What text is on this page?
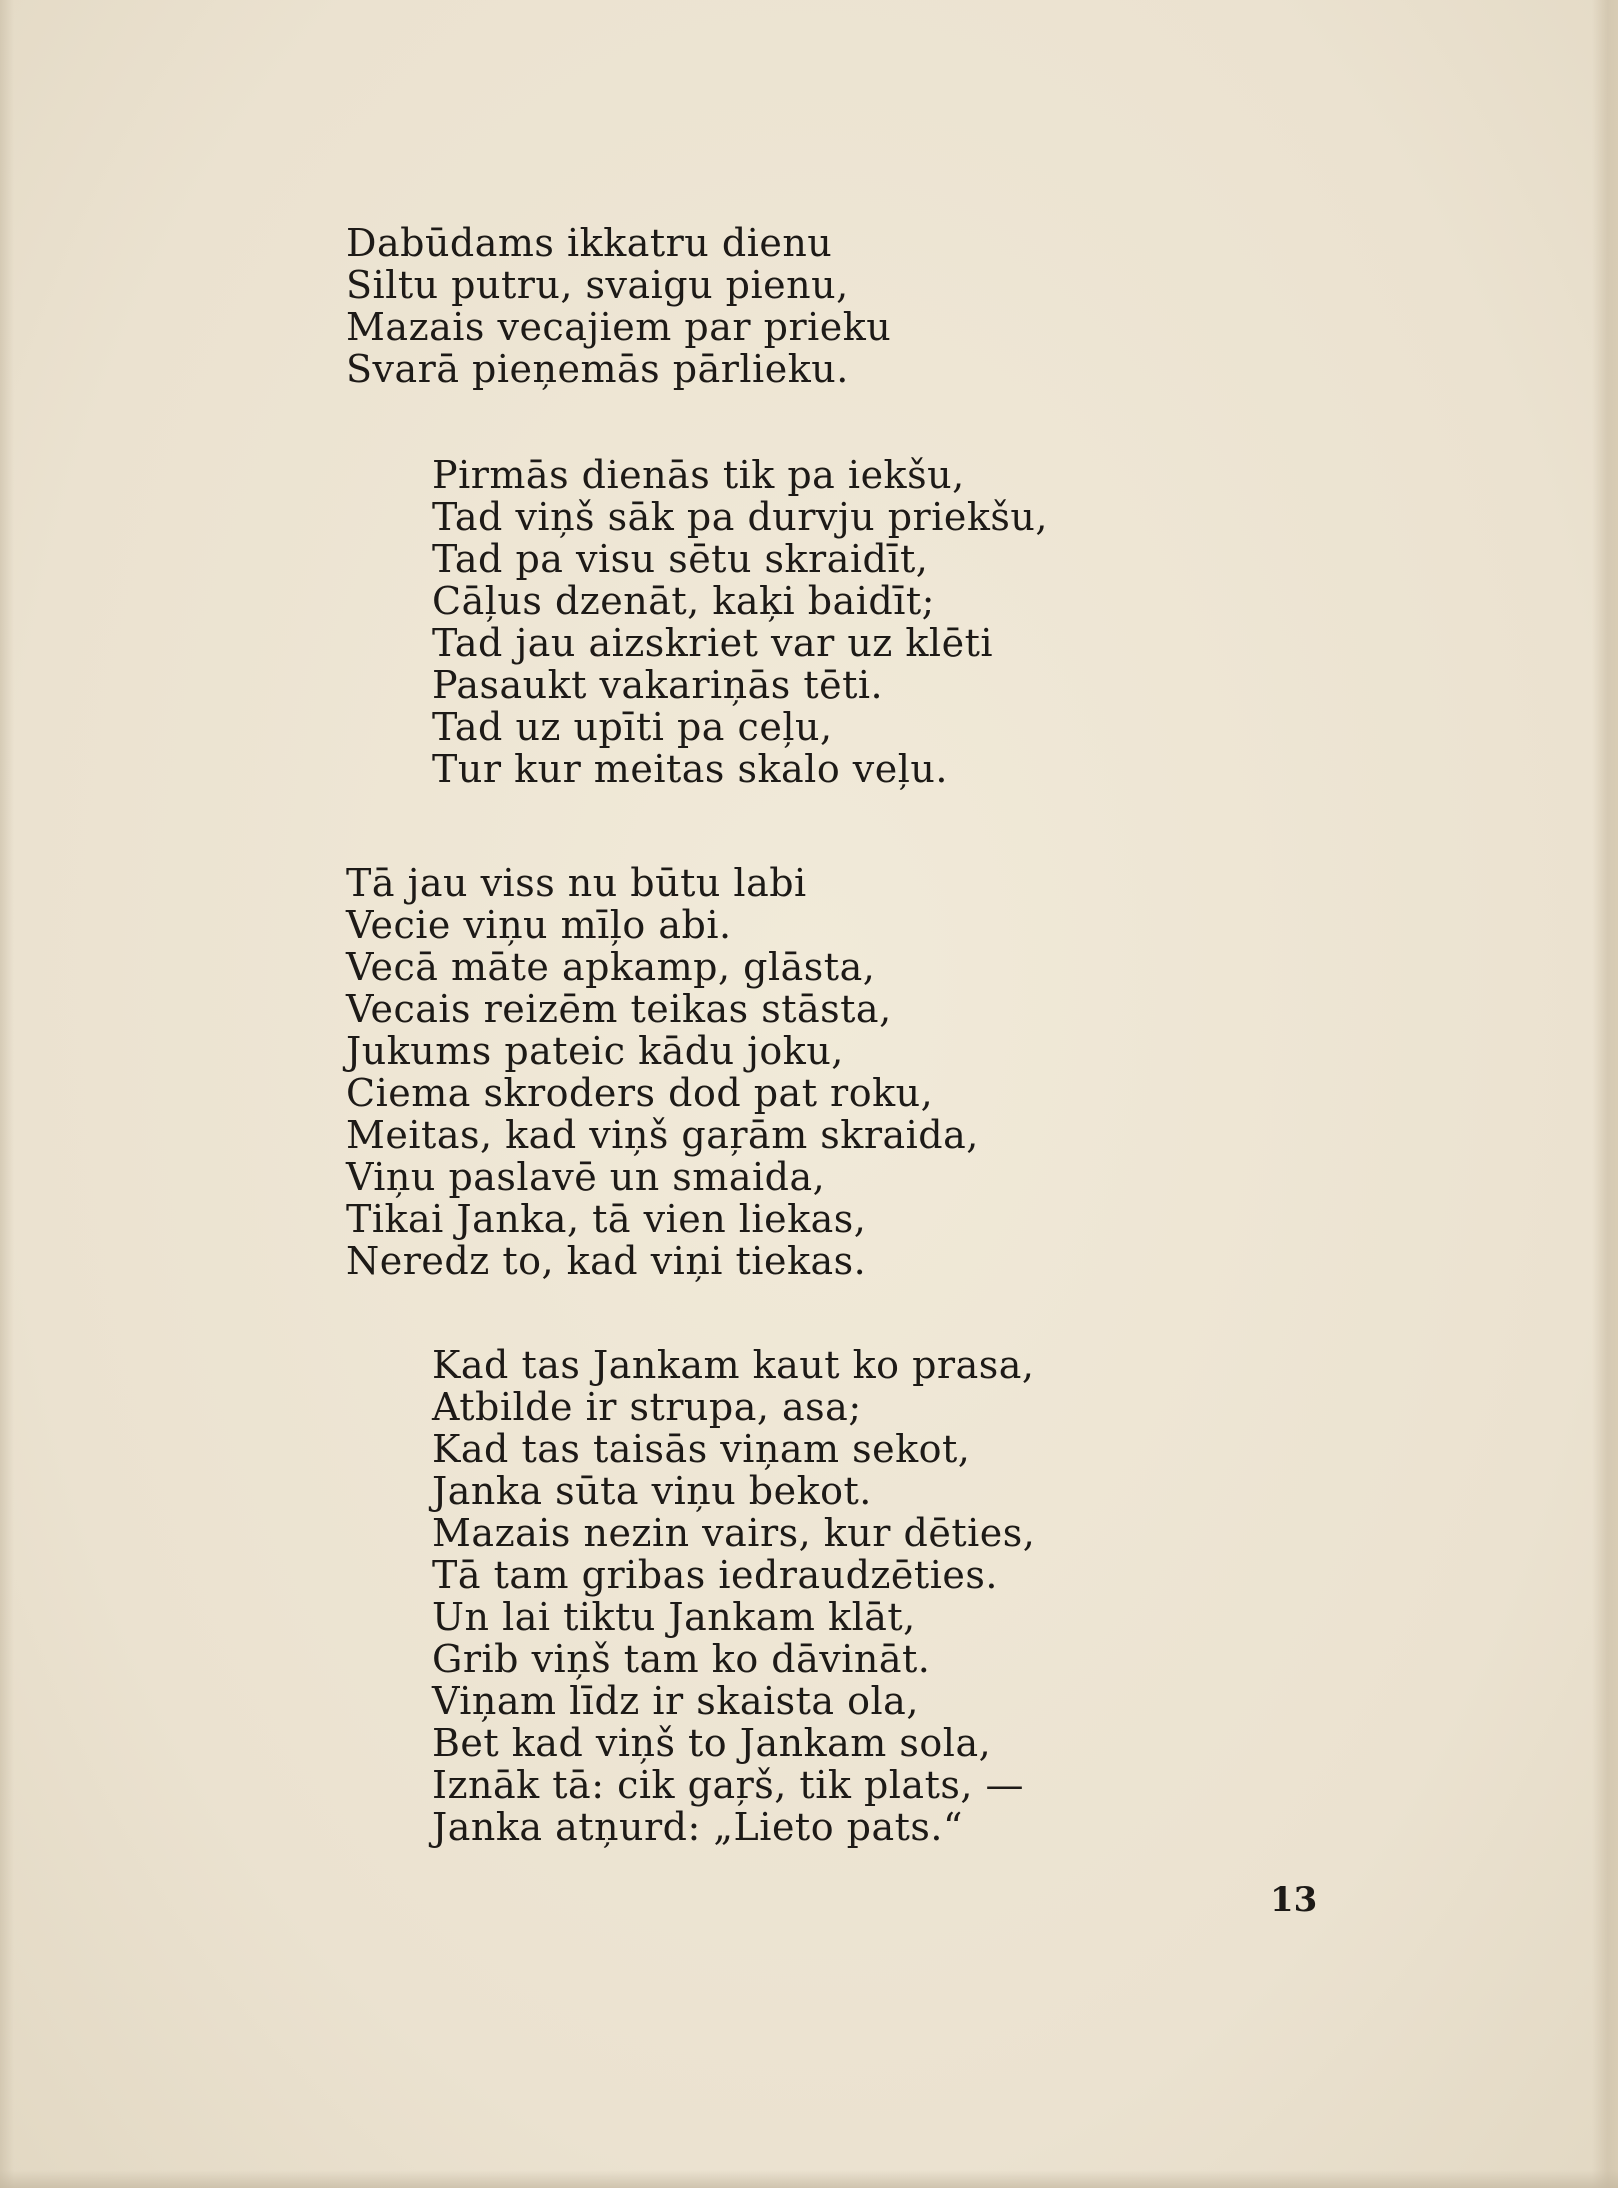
Dabūdams ikkatru dienu
Siltu putru, svaigu pienu,
Mazais vecajiem par prieku
Svarā pieņemās pārlieku.
Pirmās dienās tik pa iekšu,
Tad viņš sāk pa durvju priekšu,
Tad pa visu sētu skraidīt,
Cāļus dzenāt, kaķi baidīt;
Tad jau aizskriet var uz klēti
Pasaukt vakariņās tēti.
Tad uz upīti pa ceļu,
Tur kur meitas skalo veļu.
Tā jau viss nu būtu labi
Vecie viņu mīļo abi.
Vecā māte apkamp, glāsta,
Vecais reizēm teikas stāsta,
Jukums pateic kādu joku,
Ciema skroders dod pat roku,
Meitas, kad viņš gaŗām skraida,
Viņu paslavē un smaida,
Tikai Janka, tā vien liekas,
Neredz to, kad viņi tiekas.
Kad tas Jankam kaut ko prasa,
Atbilde ir strupa, asa;
Kad tas taisās viņam sekot,
Janka sūta viņu bekot.
Mazais nezin vairs, kur dēties,
Tā tam gribas iedraudzēties.
Un lai tiktu Jankam klāt,
Grib viņš tam ko dāvināt.
Viņam līdz ir skaista ola,
Bet kad viņš to Jankam sola,
Iznāk tā: cik gaŗš, tik plats, —
Janka atņurd: „Lieto pats.“
13
